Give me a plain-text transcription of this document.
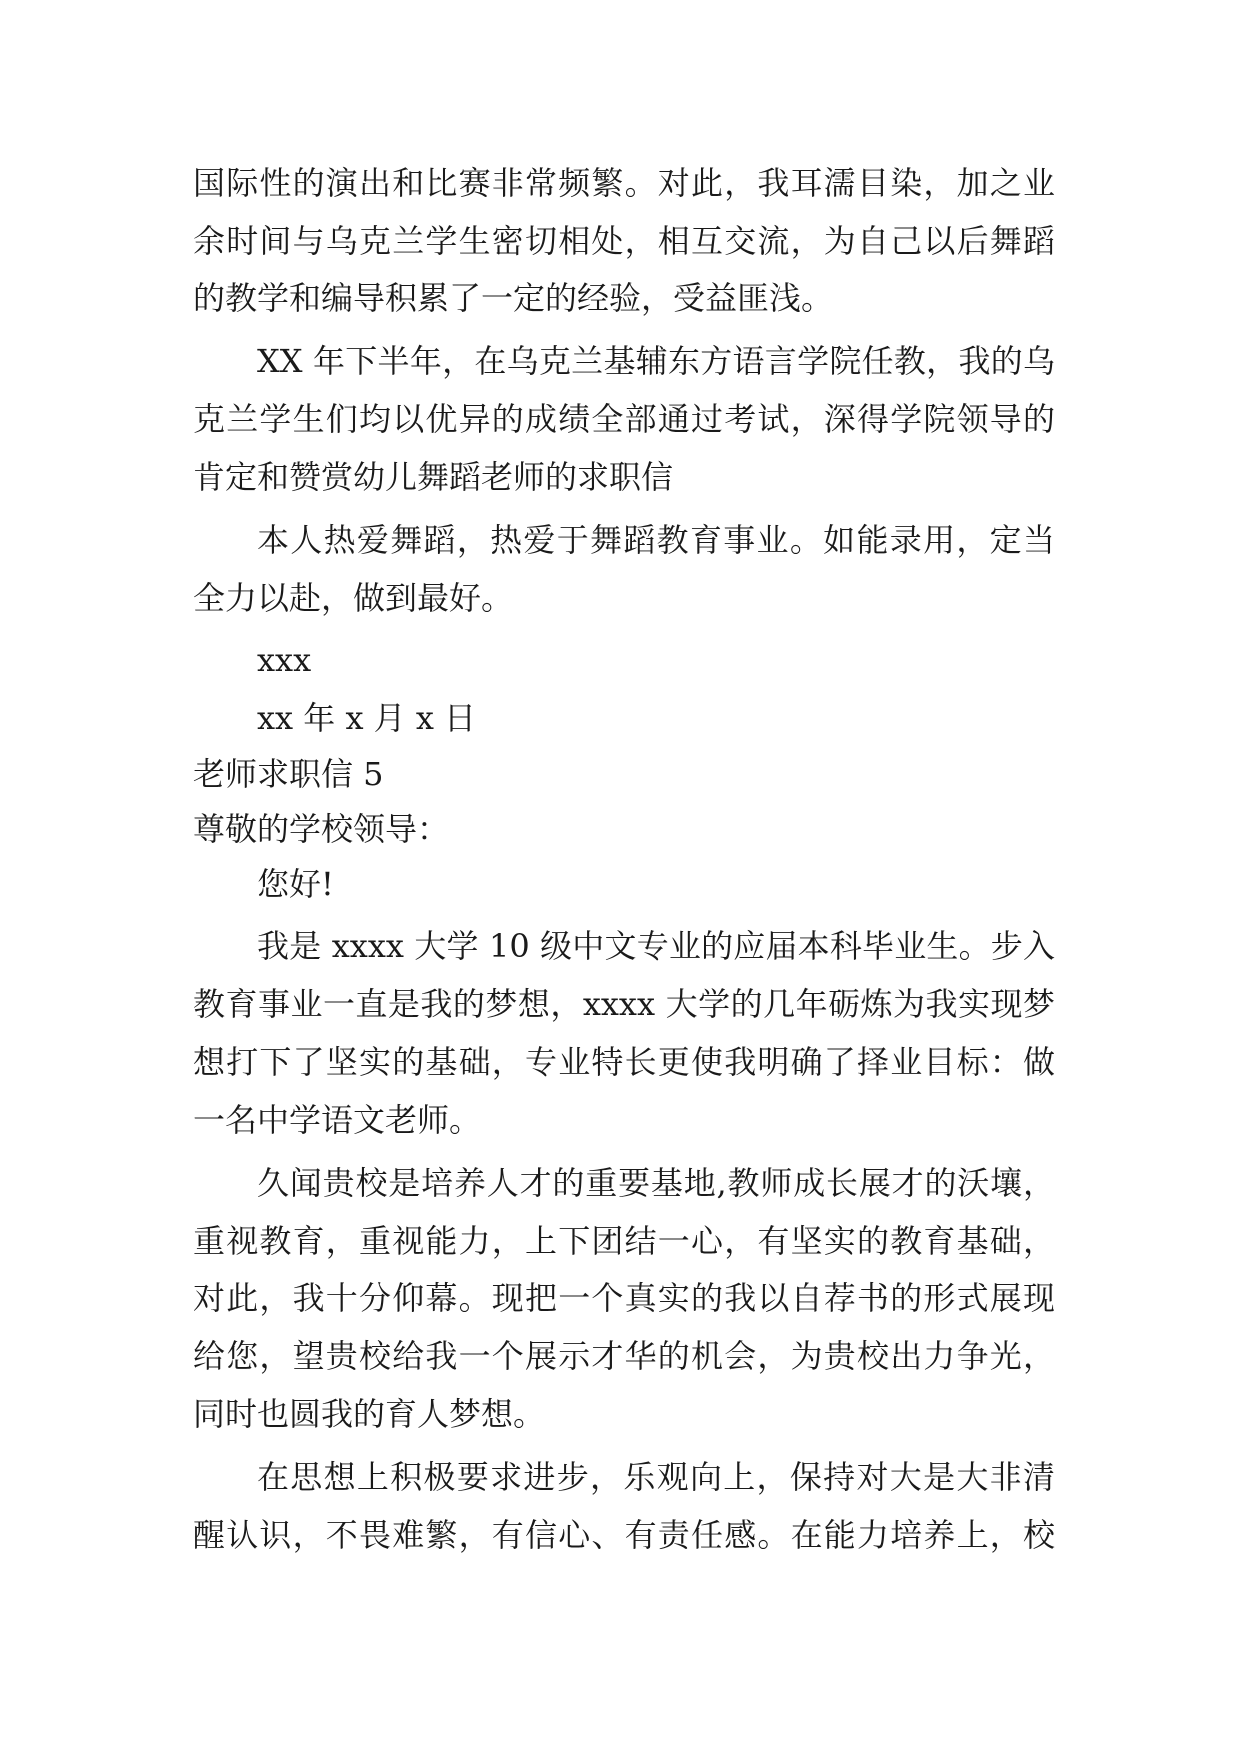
国际性的演出和比赛非常频繁。对此，我耳濡目染，加之业
余时间与乌克兰学生密切相处，相互交流，为自己以后舞蹈
的教学和编导积累了一定的经验，受益匪浅。
XX 年下半年，在乌克兰基辅东方语言学院任教，我的乌
克兰学生们均以优异的成绩全部通过考试，深得学院领导的
肯定和赞赏幼儿舞蹈老师的求职信
本人热爱舞蹈，热爱于舞蹈教育事业。如能录用，定当
全力以赴，做到最好。
xxx
xx 年 x 月 x 日
老师求职信 5
尊敬的学校领导：
您好!
我是 xxxx 大学 10 级中文专业的应届本科毕业生。步入
教育事业一直是我的梦想，xxxx 大学的几年砺炼为我实现梦
想打下了坚实的基础，专业特长更使我明确了择业目标：做
一名中学语文老师。
久闻贵校是培养人才的重要基地,教师成长展才的沃壤，
重视教育，重视能力，上下团结一心，有坚实的教育基础，
对此，我十分仰幕。现把一个真实的我以自荐书的形式展现
给您，望贵校给我一个展示才华的机会，为贵校出力争光，
同时也圆我的育人梦想。
在思想上积极要求进步，乐观向上，保持对大是大非清
醒认识，不畏难繁，有信心、有责任感。在能力培养上，校
